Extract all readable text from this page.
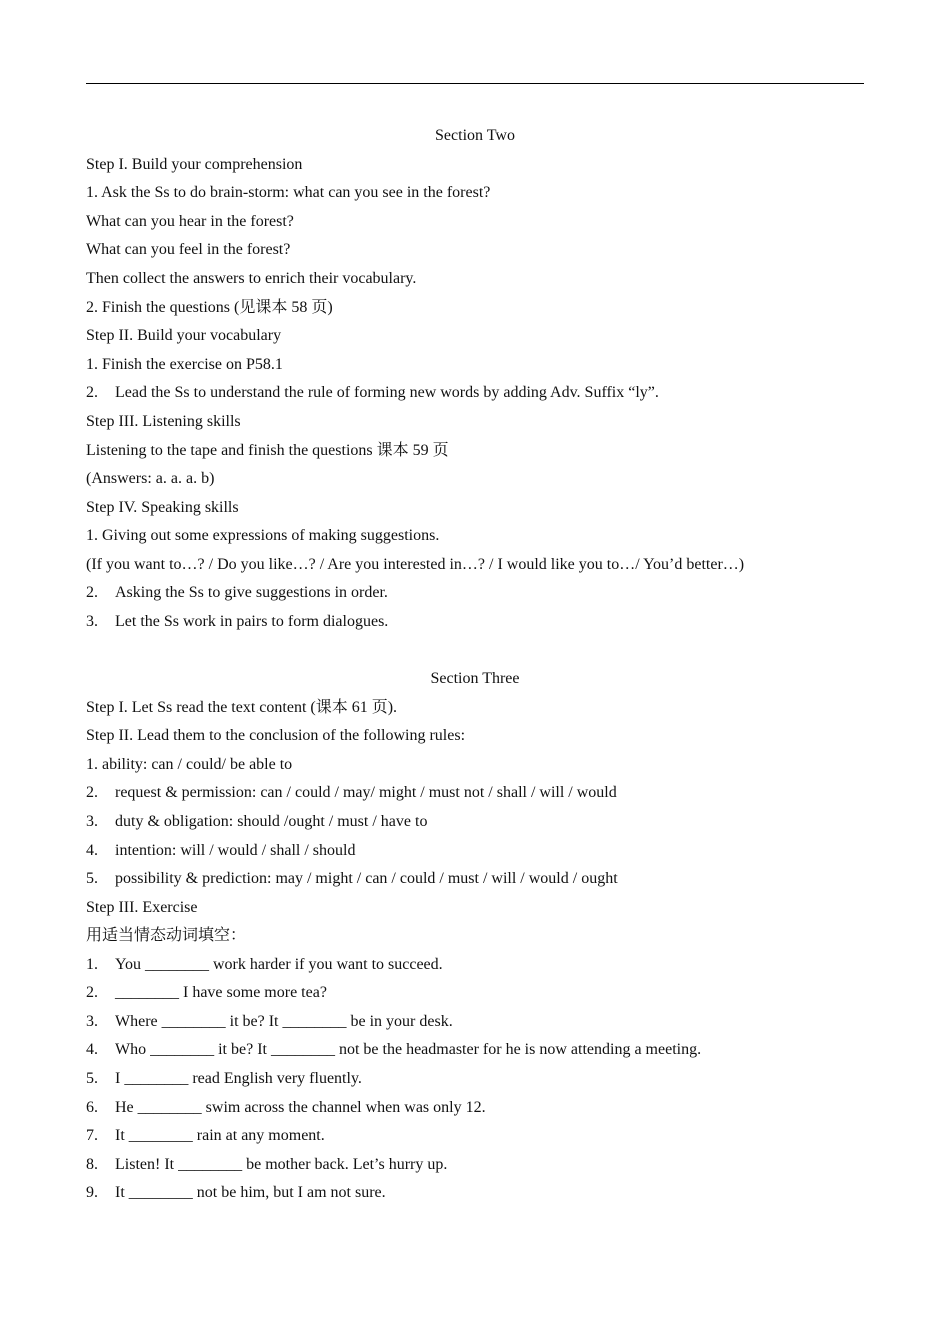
Section Two
Step I. Build your comprehension
1. Ask the Ss to do brain-storm: what can you see in the forest?
What can you hear in the forest?
What can you feel in the forest?
Then collect the answers to enrich their vocabulary.
2. Finish the questions (见课本 58 页)
Step II. Build your vocabulary
1. Finish the exercise on P58.1
2. Lead the Ss to understand the rule of forming new words by adding Adv. Suffix “ly”.
Step III. Listening skills
Listening to the tape and finish the questions 课本 59 页
(Answers: a. a. a. b)
Step IV. Speaking skills
1. Giving out some expressions of making suggestions.
(If you want to…? / Do you like…? / Are you interested in…? / I would like you to…/ You’d better…)
2. Asking the Ss to give suggestions in order.
3. Let the Ss work in pairs to form dialogues.
Section Three
Step I. Let Ss read the text content (课本 61 页).
Step II. Lead them to the conclusion of the following rules:
1. ability: can / could/ be able to
2. request & permission: can / could / may/ might / must not / shall / will / would
3. duty & obligation: should /ought / must / have to
4. intention: will / would / shall / should
5. possibility & prediction: may / might / can / could / must / will / would / ought
Step III. Exercise
用适当情态动词填空：
1. You ________ work harder if you want to succeed.
2. ________ I have some more tea?
3. Where ________ it be? It ________ be in your desk.
4. Who ________ it be? It ________ not be the headmaster for he is now attending a meeting.
5. I ________ read English very fluently.
6. He ________ swim across the channel when was only 12.
7. It ________ rain at any moment.
8. Listen! It ________ be mother back. Let’s hurry up.
9. It ________ not be him, but I am not sure.
